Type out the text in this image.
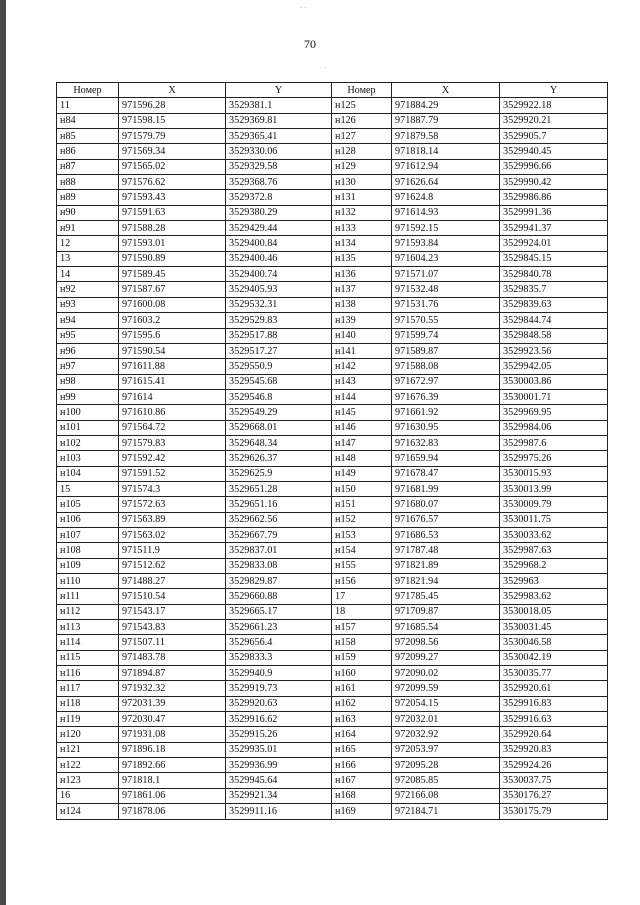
· ·
· ·
70
Номер	X	Y	Номер	X	Y
11	971596.28	3529381.1	н125	971884.29	3529922.18
н84	971598.15	3529369.81	н126	971887.79	3529920.21
н85	971579.79	3529365.41	н127	971879.58	3529905.7
н86	971569.34	3529330.06	н128	971818.14	3529940.45
н87	971565.02	3529329.58	н129	971612.94	3529996.66
н88	971576.62	3529368.76	н130	971626.64	3529990.42
н89	971593.43	3529372.8	н131	971624.8	3529986.86
н90	971591.63	3529380.29	н132	971614.93	3529991.36
н91	971588.28	3529429.44	н133	971592.15	3529941.37
12	971593.01	3529400.84	н134	971593.84	3529924.01
13	971590.89	3529400.46	н135	971604.23	3529845.15
14	971589.45	3529400.74	н136	971571.07	3529840.78
н92	971587.67	3529405.93	н137	971532.48	3529835.7
н93	971600.08	3529532.31	н138	971531.76	3529839.63
н94	971603.2	3529529.83	н139	971570.55	3529844.74
н95	971595.6	3529517.88	н140	971599.74	3529848.58
н96	971590.54	3529517.27	н141	971589.87	3529923.56
н97	971611.88	3529550.9	н142	971588.08	3529942.05
н98	971615.41	3529545.68	н143	971672.97	3530003.86
н99	971614	3529546.8	н144	971676.39	3530001.71
н100	971610.86	3529549.29	н145	971661.92	3529969.95
н101	971564.72	3529668.01	н146	971630.95	3529984.06
н102	971579.83	3529648.34	н147	971632.83	3529987.6
н103	971592.42	3529626.37	н148	971659.94	3529975.26
н104	971591.52	3529625.9	н149	971678.47	3530015.93
15	971574.3	3529651.28	н150	971681.99	3530013.99
н105	971572.63	3529651.16	н151	971680.07	3530009.79
н106	971563.89	3529662.56	н152	971676.57	3530011.75
н107	971563.02	3529667.79	н153	971686.53	3530033.62
н108	971511.9	3529837.01	н154	971787.48	3529987.63
н109	971512.62	3529833.08	н155	971821.89	3529968.2
н110	971488.27	3529829.87	н156	971821.94	3529963
н111	971510.54	3529660.88	17	971785.45	3529983.62
н112	971543.17	3529665.17	18	971709.87	3530018.05
н113	971543.83	3529661.23	н157	971685.54	3530031.45
н114	971507.11	3529656.4	н158	972098.56	3530046.58
н115	971483.78	3529833.3	н159	972099.27	3530042.19
н116	971894.87	3529940.9	н160	972090.02	3530035.77
н117	971932.32	3529919.73	н161	972099.59	3529920.61
н118	972031.39	3529920.63	н162	972054.15	3529916.83
н119	972030.47	3529916.62	н163	972032.01	3529916.63
н120	971931.08	3529915.26	н164	972032.92	3529920.64
н121	971896.18	3529935.01	н165	972053.97	3529920.83
н122	971892.66	3529936.99	н166	972095.28	3529924.26
н123	971818.1	3529945.64	н167	972085.85	3530037.75
16	971861.06	3529921.34	н168	972166.08	3530176.27
н124	971878.06	3529911.16	н169	972184.71	3530175.79
